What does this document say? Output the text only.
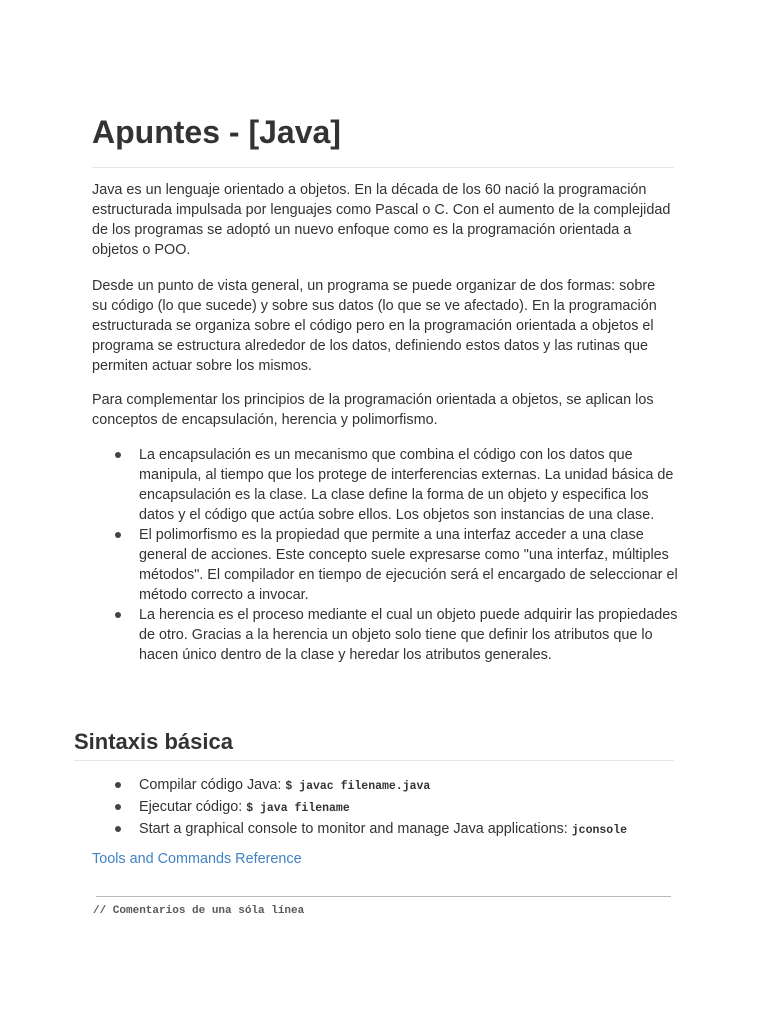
Apuntes - [Java]

Java es un lenguaje orientado a objetos. En la década de los 60 nació la programación estructurada impulsada por lenguajes como Pascal o C. Con el aumento de la complejidad de los programas se adoptó un nuevo enfoque como es la programación orientada a objetos o POO.

Desde un punto de vista general, un programa se puede organizar de dos formas: sobre su código (lo que sucede) y sobre sus datos (lo que se ve afectado). En la programación estructurada se organiza sobre el código pero en la programación orientada a objetos el programa se estructura alrededor de los datos, definiendo estos datos y las rutinas que permiten actuar sobre los mismos.

Para complementar los principios de la programación orientada a objetos, se aplican los conceptos de encapsulación, herencia y polimorfismo.

La encapsulación es un mecanismo que combina el código con los datos que manipula, al tiempo que los protege de interferencias externas. La unidad básica de encapsulación es la clase. La clase define la forma de un objeto y especifica los datos y el código que actúa sobre ellos. Los objetos son instancias de una clase.
El polimorfismo es la propiedad que permite a una interfaz acceder a una clase general de acciones. Este concepto suele expresarse como "una interfaz, múltiples métodos". El compilador en tiempo de ejecución será el encargado de seleccionar el método correcto a invocar.
La herencia es el proceso mediante el cual un objeto puede adquirir las propiedades de otro. Gracias a la herencia un objeto solo tiene que definir los atributos que lo hacen único dentro de la clase y heredar los atributos generales.
Sintaxis básica
Compilar código Java: $ javac filename.java
Ejecutar código: $ java filename
Start a graphical console to monitor and manage Java applications: jconsole
Tools and Commands Reference
// Comentarios de una sóla línea
